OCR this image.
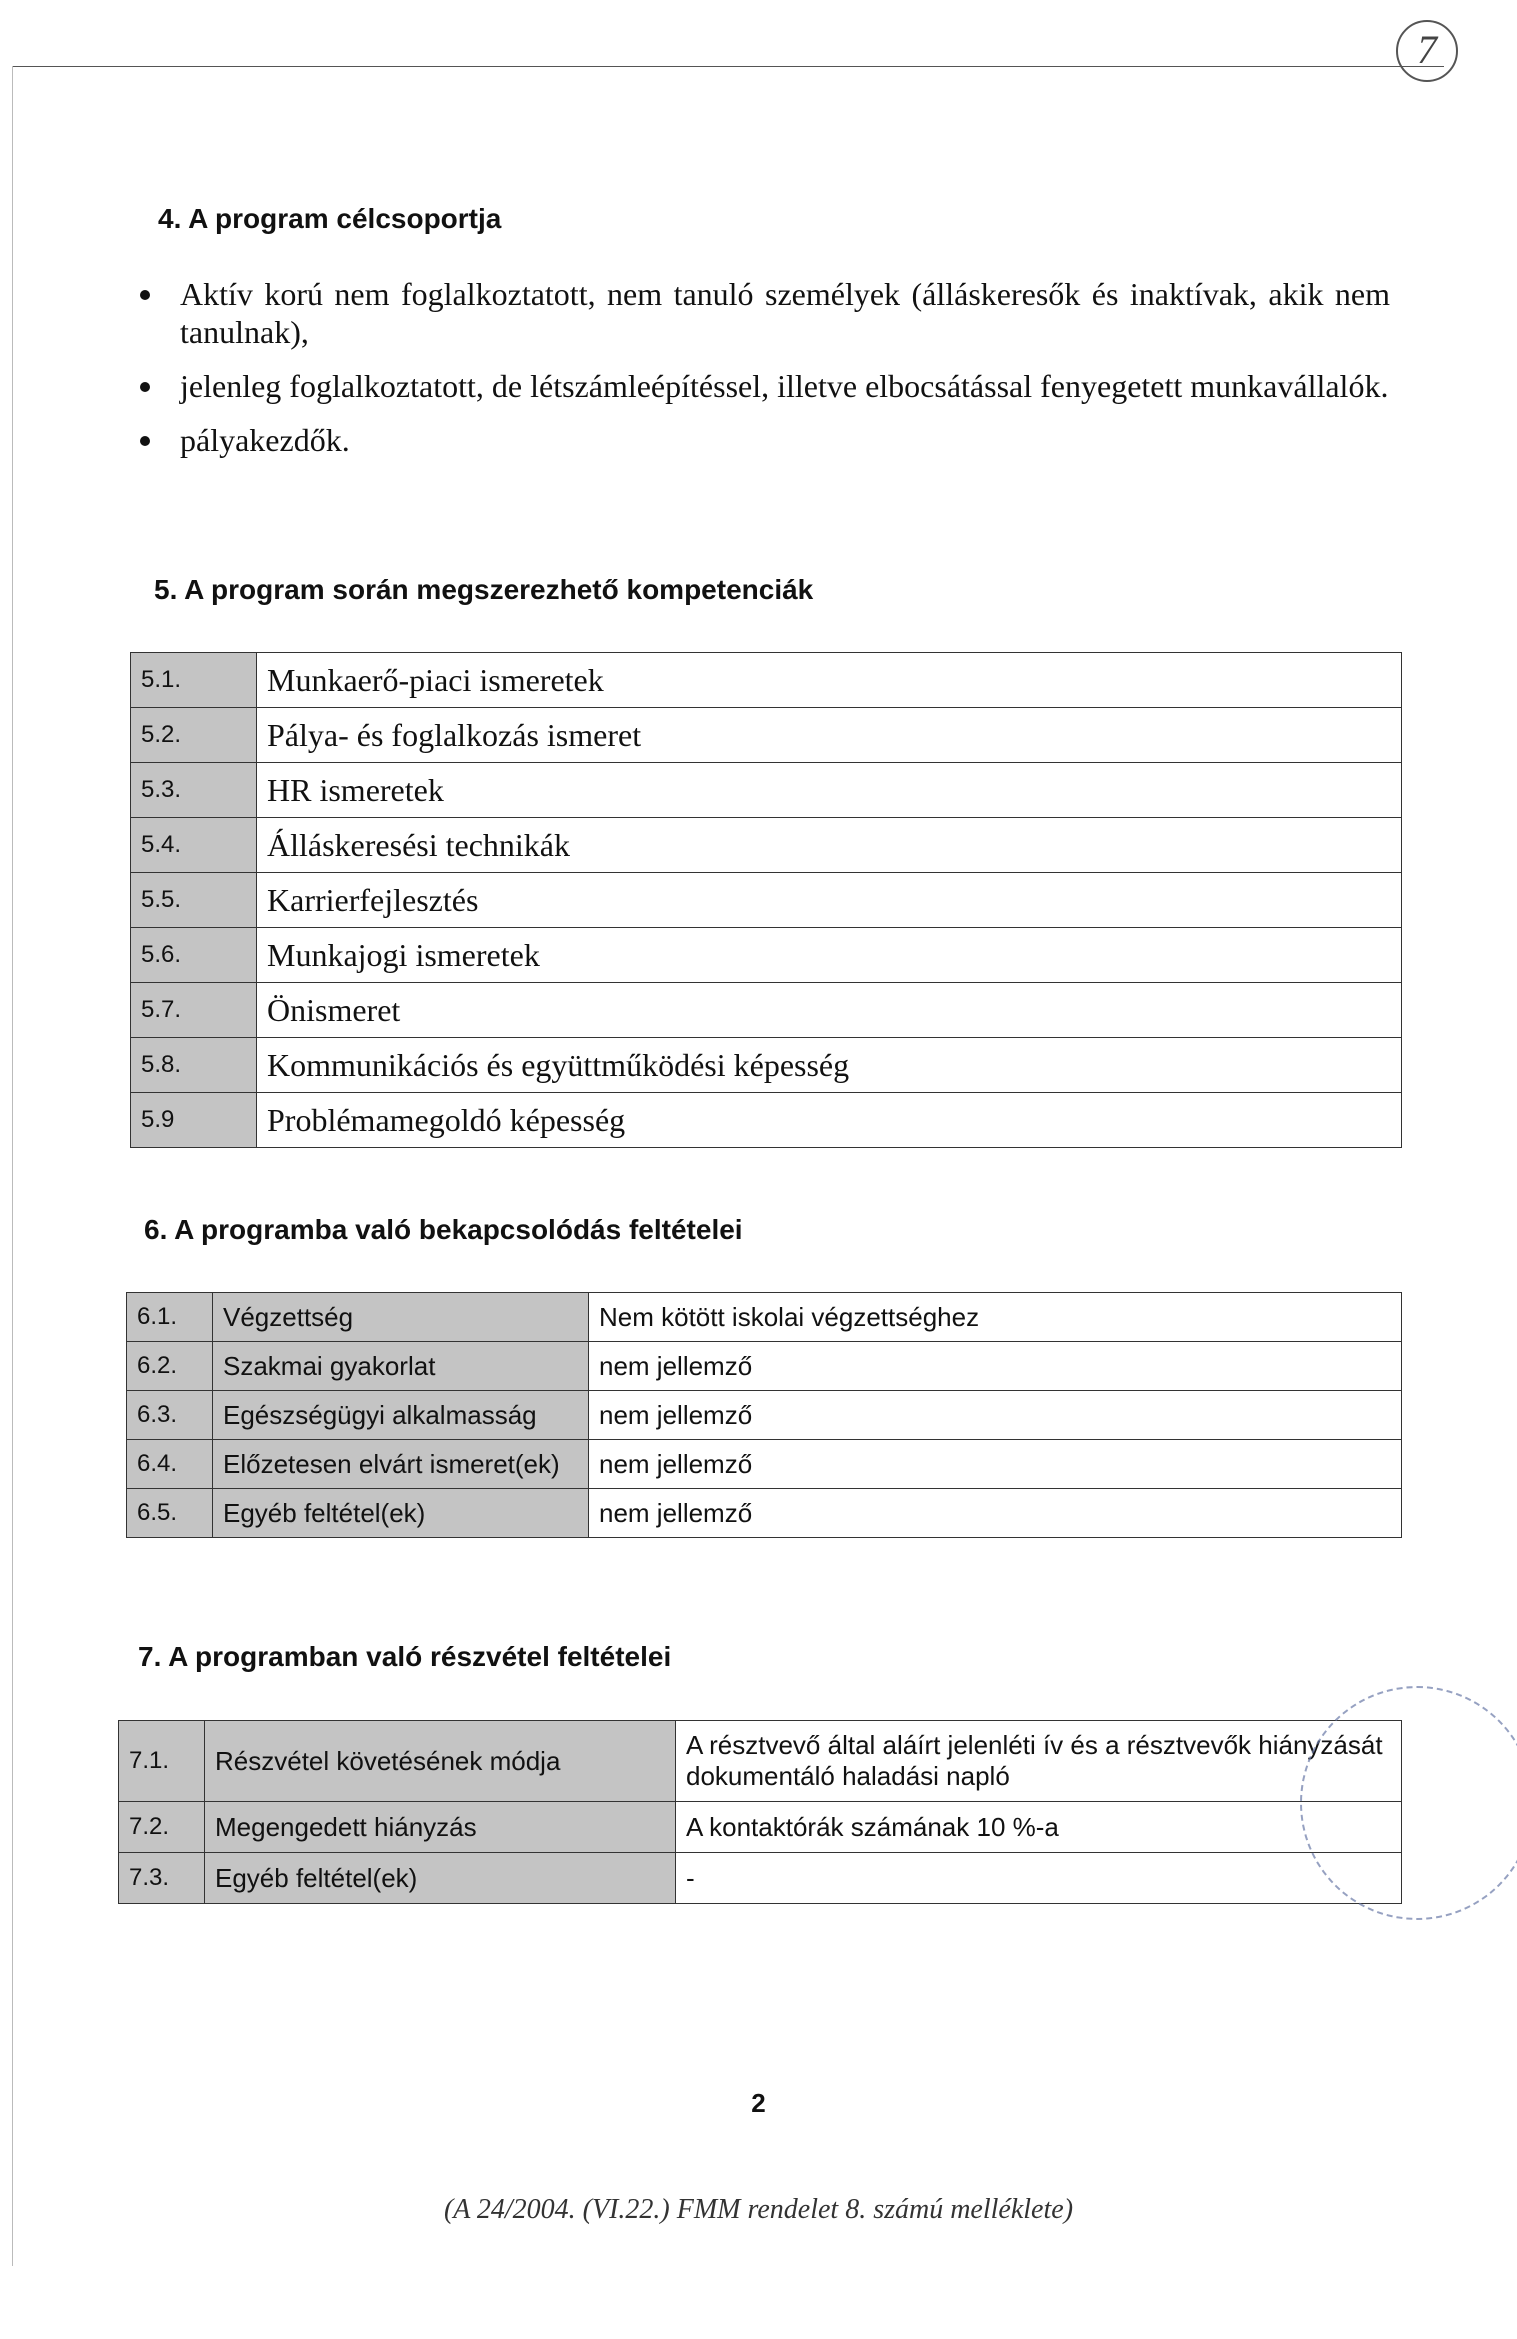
7
4. A program célcsoportja
Aktív korú nem foglalkoztatott, nem tanuló személyek (álláskeresők és inaktívak, akik nem tanulnak),
jelenleg foglalkoztatott, de létszámleépítéssel, illetve elbocsátással fenyegetett munkavállalók.
pályakezdők.
5. A program során megszerezhető kompetenciák
5.1.	Munkaerő-piaci ismeretek
5.2.	Pálya- és foglalkozás ismeret
5.3.	HR ismeretek
5.4.	Álláskeresési technikák
5.5.	Karrierfejlesztés
5.6.	Munkajogi ismeretek
5.7.	Önismeret
5.8.	Kommunikációs és együttműködési képesség
5.9	Problémamegoldó képesség
6. A programba való bekapcsolódás feltételei
6.1.	Végzettség	Nem kötött iskolai végzettséghez
6.2.	Szakmai gyakorlat	nem jellemző
6.3.	Egészségügyi alkalmasság	nem jellemző
6.4.	Előzetesen elvárt ismeret(ek)	nem jellemző
6.5.	Egyéb feltétel(ek)	nem jellemző
7. A programban való részvétel feltételei
7.1.	Részvétel követésének módja	A résztvevő által aláírt jelenléti ív és a résztvevők hiányzását dokumentáló haladási napló
7.2.	Megengedett hiányzás	A kontaktórák számának 10 %-a
7.3.	Egyéb feltétel(ek)	-
2
(A 24/2004. (VI.22.) FMM rendelet 8. számú melléklete)
